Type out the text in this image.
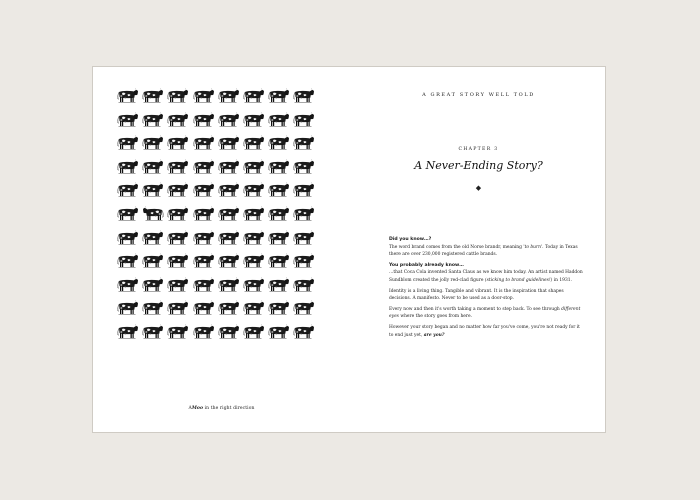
AMoo in the right direction
A GREAT STORY WELL TOLD
CHAPTER 3
A Never-Ending Story?
◆

Did you know…?
The word brand comes from the old Norse brandr, meaning 'to burn'. Today in Texas there are over 230,000 registered cattle brands.

You probably already know…
…that Coca Cola invented Santa Claus as we know him today. An artist named Haddon Sundblom created the jolly red-clad figure (sticking to brand guidelines!) in 1931.

Identity is a living thing. Tangible and vibrant. It is the inspiration that shapes decisions. A manifesto. Never to be used as a door-stop.

Every now and then it's worth taking a moment to step back. To see through different eyes where the story goes from here.

However your story began and no matter how far you've come, you're not ready for it to end just yet, are you?
